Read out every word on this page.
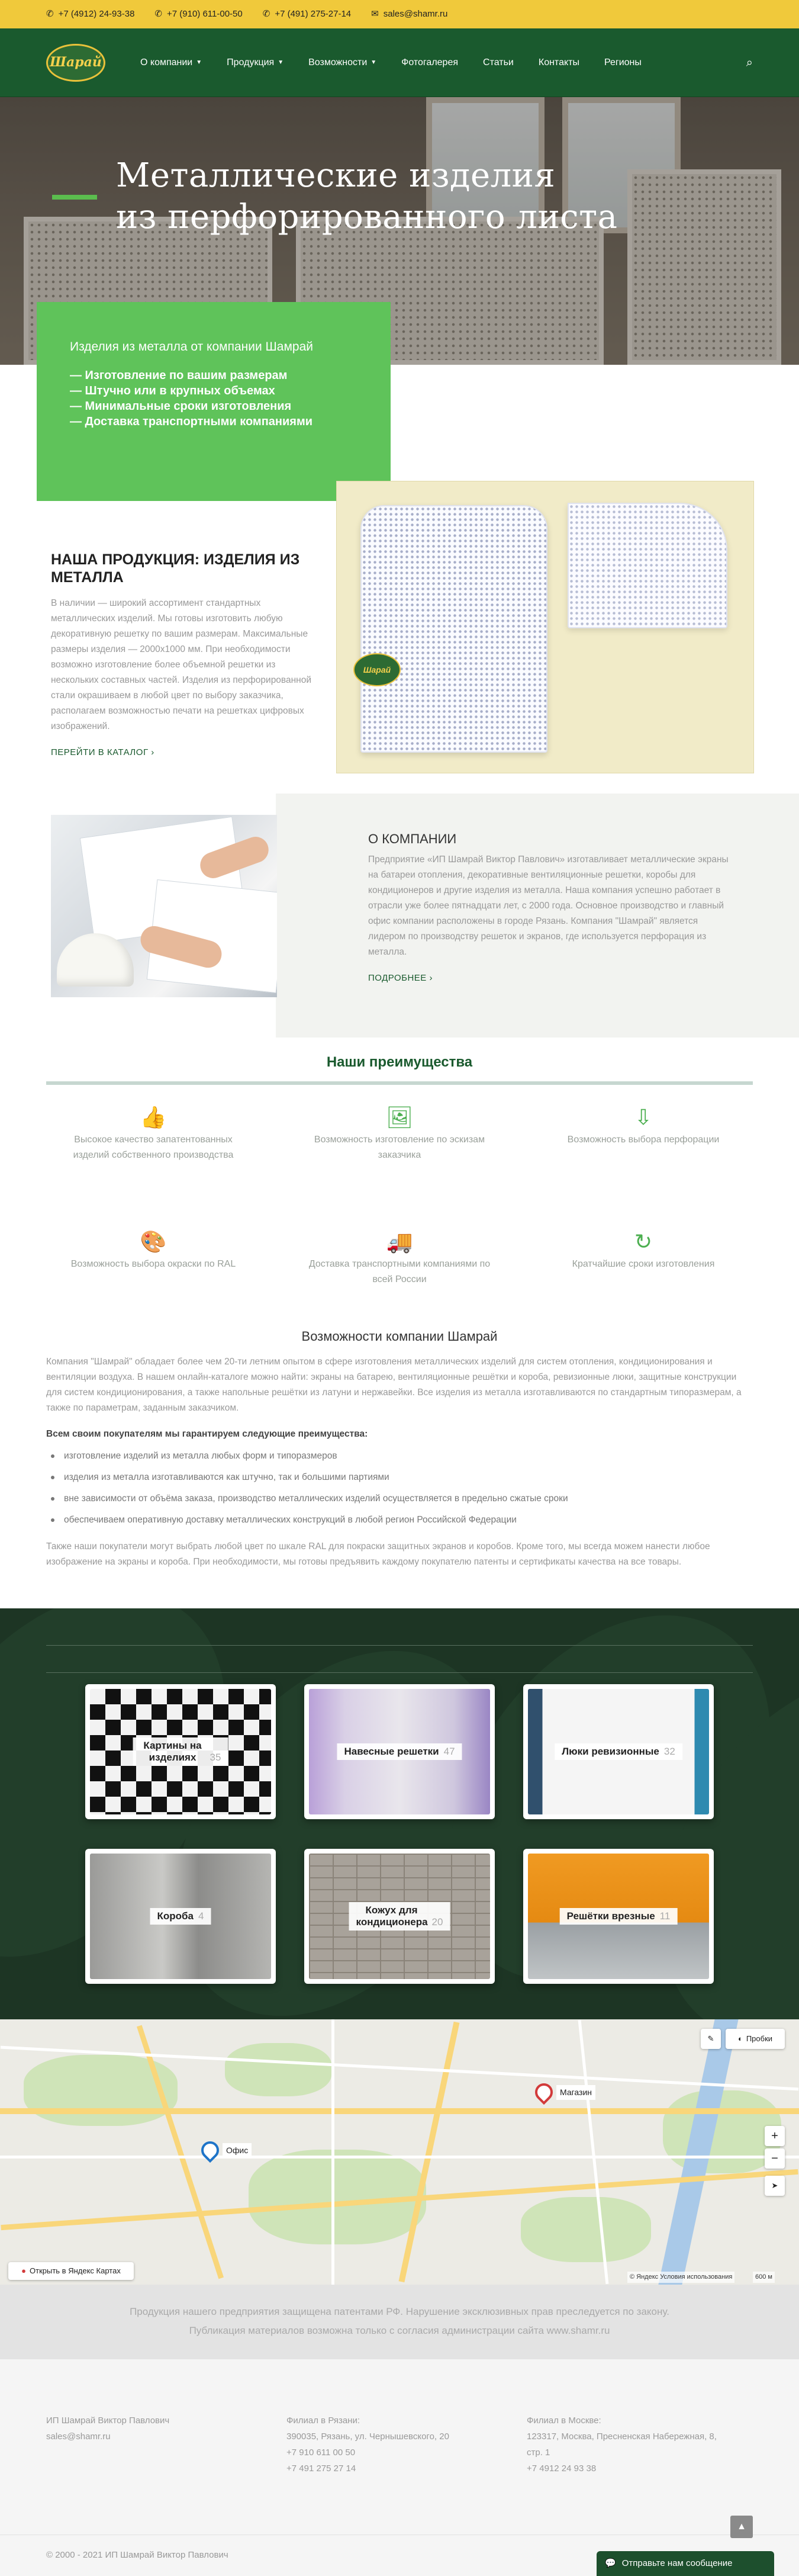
✆ +7 (4912) 24-93-38 ✆ +7 (910) 611-00-50 ✆ +7 (491) 275-27-14 ✉ sales@shamr.ru
Шарай	О компании ▼	Продукция ▼	Возможности ▼	Фотогалерея	Статьи	Контакты	Регионы	⌕
Металлические изделия
из перфорированного листа
Изделия из металла от компании Шамрай
— Изготовление по вашим размерам
— Штучно или в крупных объемах
— Минимальные сроки изготовления
— Доставка транспортными компаниями
НАША ПРОДУКЦИЯ: ИЗДЕЛИЯ ИЗ МЕТАЛЛА

В наличии — широкий ассортимент стандартных металлических изделий. Мы готовы изготовить любую декоративную решетку по вашим размерам. Максимальные размеры изделия — 2000х1000 мм. При необходимости возможно изготовление более объемной решетки из нескольких составных частей. Изделия из перфорированной стали окрашиваем в любой цвет по выбору заказчика, располагаем возможностью печати на решетках цифровых изображений.

ПЕРЕЙТИ В КАТАЛОГ ›
Шарай
О КОМПАНИИ

Предприятие «ИП Шамрай Виктор Павлович» изготавливает металлические экраны на батареи отопления, декоративные вентиляционные решетки, коробы для кондиционеров и другие изделия из металла. Наша компания успешно работает в отрасли уже более пятнадцати лет, с 2000 года. Основное производство и главный офис компании расположены в городе Рязань. Компания "Шамрай" является лидером по производству решеток и экранов, где используется перфорация из металла.

ПОДРОБНЕЕ ›
Наши преимущества
👍
Высокое качество запатентованных изделий собственного производства
🖼
Возможность изготовление по эскизам заказчика
⇩
Возможность выбора перфорации
🎨
Возможность выбора окраски по RAL
🚚
Доставка транспортными компаниями по всей России
↻
Кратчайшие сроки изготовления
Возможности компании Шамрай

Компания "Шамрай" обладает более чем 20-ти летним опытом в сфере изготовления металлических изделий для систем отопления, кондиционирования и вентиляции воздуха. В нашем онлайн-каталоге можно найти: экраны на батарею, вентиляционные решётки и короба, ревизионные люки, защитные конструкции для систем кондиционирования, а также напольные решётки из латуни и нержавейки. Все изделия из металла изготавливаются по стандартным типоразмерам, а также по параметрам, заданным заказчиком.

Всем своим покупателям мы гарантируем следующие преимущества:

изготовление изделий из металла любых форм и типоразмеров
изделия из металла изготавливаются как штучно, так и большими партиями
вне зависимости от объёма заказа, производство металлических изделий осуществляется в предельно сжатые сроки
обеспечиваем оперативную доставку металлических конструкций в любой регион Российской Федерации

Также наши покупатели могут выбрать любой цвет по шкале RAL для покраски защитных экранов и коробов. Кроме того, мы всегда можем нанести любое изображение на экраны и короба. При необходимости, мы готовы предъявить каждому покупателю патенты и сертификаты качества на все товары.

Картины на изделиях 35
Навесные решетки 47	Люки ревизионные 32
Короба 4
Кожух для кондиционера 20
Решётки врезные 11
Офис
Магазин
✎	◐ Пробки
+
−
➤
● Открыть в Яндекс Картах
© Яндекс Условия использования	600 м
Продукция нашего предприятия защищена патентами РФ. Нарушение эксклюзивных прав преследуется по закону.
Публикация материалов возможна только с согласия администрации сайта www.shamr.ru
ИП Шамрай Виктор Павлович
sales@shamr.ru
Филиал в Рязани:
390035, Рязань, ул. Чернышевского, 20
+7 910 611 00 50
+7 491 275 27 14
Филиал в Москве:
123317, Москва, Пресненская Набережная, 8,
стр. 1
+7 4912 24 93 38
© 2000 - 2021 ИП Шамрай Виктор Павлович
▲
💬 Отправьте нам сообщение
